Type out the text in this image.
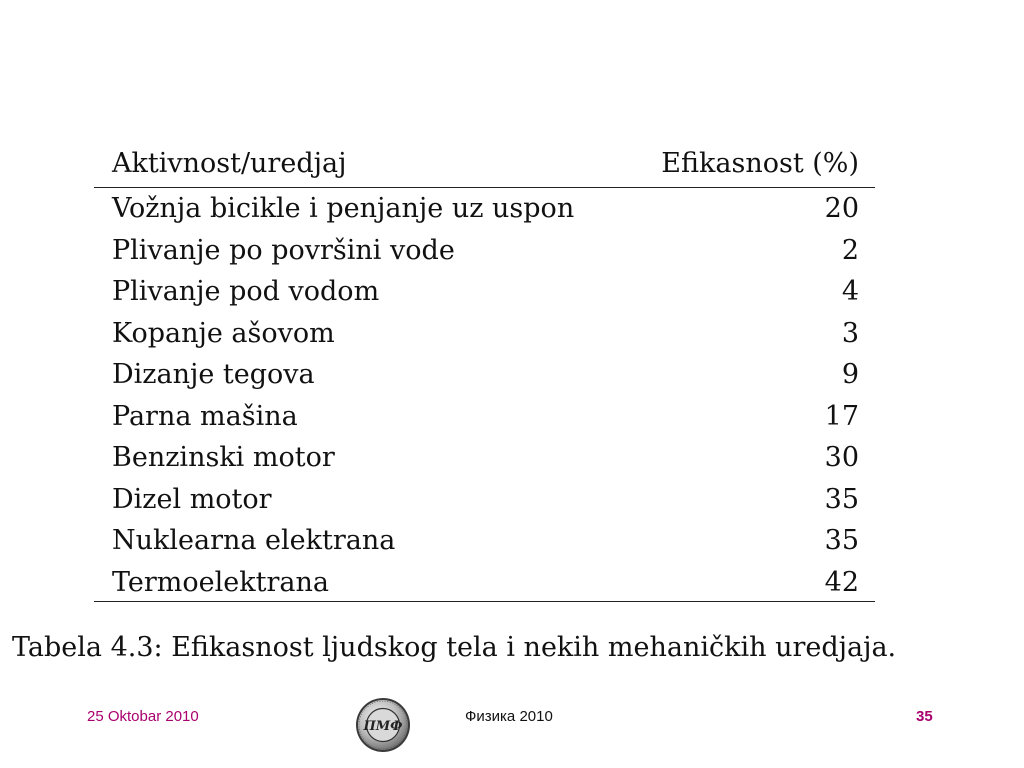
Aktivnost/uredjaj	Efikasnost (%)
Vožnja bicikle i penjanje uz uspon	20
Plivanje po površini vode	2
Plivanje pod vodom	4
Kopanje ašovom	3
Dizanje tegova	9
Parna mašina	17
Benzinski motor	30
Dizel motor	35
Nuklearna elektrana	35
Termoelektrana	42
Tabela 4.3: Efikasnost ljudskog tela i nekih mehaničkih uredjaja.
25 Oktobar 2010
ПМФ
Физика 2010	35
